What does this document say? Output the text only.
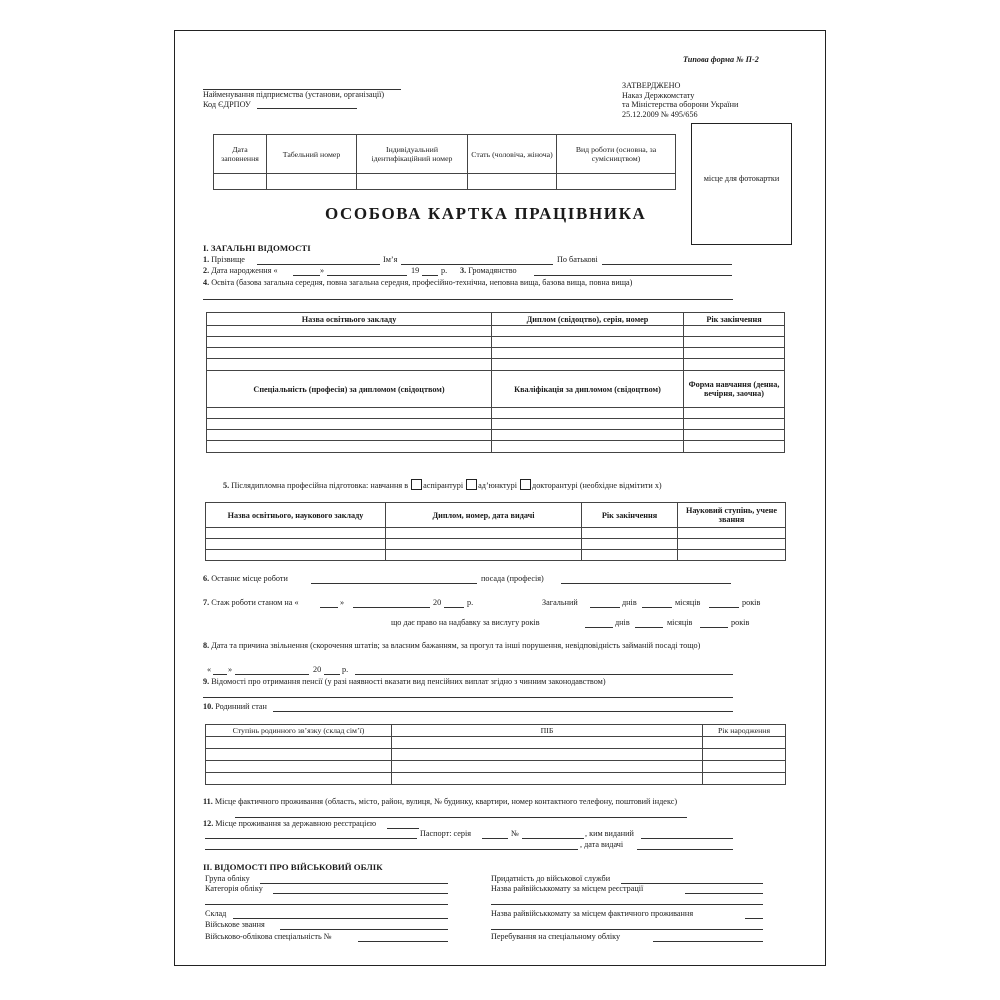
Типова форма № П-2
Найменування підприємства (установи, організації)
Код ЄДРПОУ
ЗАТВЕРДЖЕНО
Наказ Держкомстату
та Міністерства оборони України
25.12.2009 № 495/656
місце для фотокартки
Дата заповнення	Табельний номер	Індивідуальний ідентифікаційний номер	Стать (чоловіча, жіноча)	Вид роботи (основна, за сумісництвом)

ОСОБОВА КАРТКА ПРАЦІВНИКА
І. ЗАГАЛЬНІ ВІДОМОСТІ
1. Прізвище	Ім’я	По батькові
2. Дата народження «	»	19	р. 3. Громадянство
4. Освіта (базова загальна середня, повна загальна середня, професійно-технічна, неповна вища, базова вища, повна вища)
Назва освітнього закладу	Диплом (свідоцтво), серія, номер	Рік закінчення

Спеціальність (професія) за дипломом (свідоцтвом)	Кваліфікація за дипломом (свідоцтвом)	Форма навчання (денна, вечірня, заочна)

5. Післядипломна професійна підготовка: навчання в аспірантурі ад’юнктурі докторантурі (необхідне відмітити х)
Назва освітнього, наукового закладу	Диплом, номер, дата видачі	Рік закінчення	Науковий ступінь, учене звання

6. Останнє місце роботи	посада (професія)
7. Стаж роботи станом на «	»	20	р.	Загальний	днів	місяців	років
що дає право на надбавку за вислугу років	днів	місяців	років
8. Дата та причина звільнення (скорочення штатів; за власним бажанням, за прогул та інші порушення, невідповідність займаній посаді тощо)
« »	20	р.
9. Відомості про отримання пенсії (у разі наявності вказати вид пенсійних виплат згідно з чинним законодавством)
10. Родинний стан
Ступінь родинного зв’язку (склад сім’ї)	ПІБ	Рік народження

11. Місце фактичного проживання (область, місто, район, вулиця, № будинку, квартири, номер контактного телефону, поштовий індекс)
12. Місце проживання за державною реєстрацією
Паспорт: серія	№	, ким виданий
, дата видачі
ІІ. ВІДОМОСТІ ПРО ВІЙСЬКОВИЙ ОБЛІК
Група обліку
Категорія обліку
Склад
Військове звання
Військово-облікова спеціальність №
Придатність до військової служби
Назва райвійськкомату за місцем реєстрації
Назва райвійськкомату за місцем фактичного проживання
Перебування на спеціальному обліку
